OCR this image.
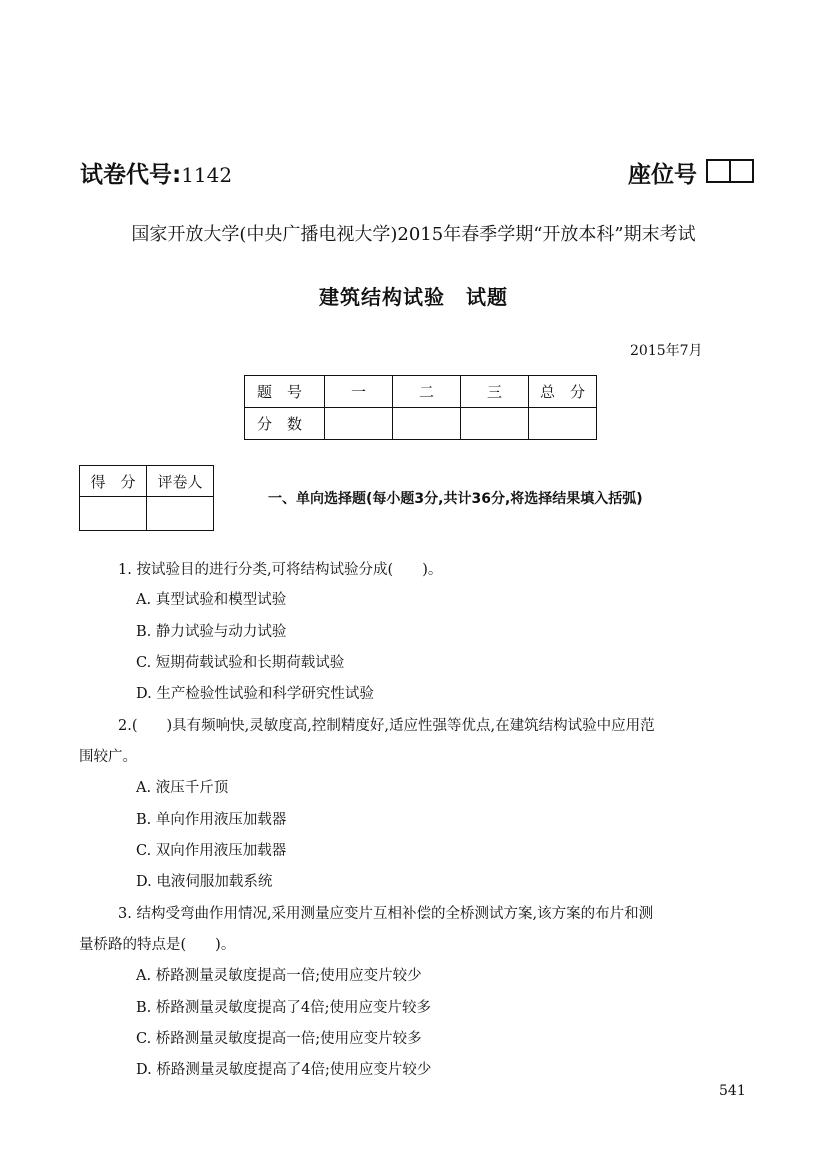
试卷代号:1142	座位号
国家开放大学(中央广播电视大学)2015年春季学期“开放本科”期末考试
建筑结构试验　试题
2015年7月
题　号	一	二	三	总　分
分　数				
得　分	评卷人

一、单向选择题(每小题3分,共计36分,将选择结果填入括弧)
1. 按试验目的进行分类,可将结构试验分成(　　)。
A. 真型试验和模型试验
B. 静力试验与动力试验
C. 短期荷载试验和长期荷载试验
D. 生产检验性试验和科学研究性试验
2.(　　)具有频响快,灵敏度高,控制精度好,适应性强等优点,在建筑结构试验中应用范
围较广。
A. 液压千斤顶
B. 单向作用液压加载器
C. 双向作用液压加载器
D. 电液伺服加载系统
3. 结构受弯曲作用情况,采用测量应变片互相补偿的全桥测试方案,该方案的布片和测
量桥路的特点是(　　)。
A. 桥路测量灵敏度提高一倍;使用应变片较少
B. 桥路测量灵敏度提高了4倍;使用应变片较多
C. 桥路测量灵敏度提高一倍;使用应变片较多
D. 桥路测量灵敏度提高了4倍;使用应变片较少
541
